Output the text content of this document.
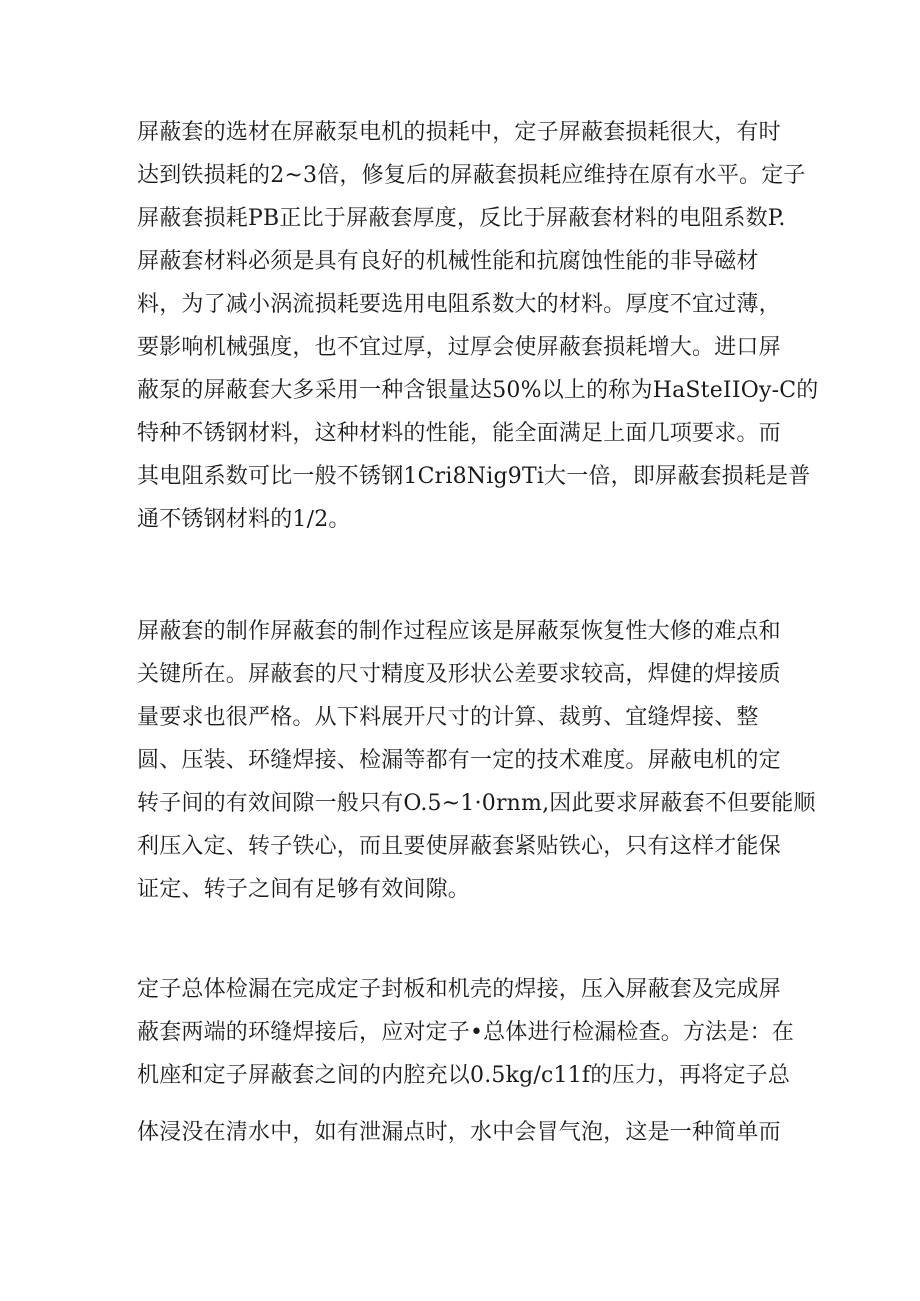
屏蔽套的选材在屏蔽泵电机的损耗中，定子屏蔽套损耗很大，有时
达到铁损耗的2~3倍，修复后的屏蔽套损耗应维持在原有水平。定子
屏蔽套损耗PB正比于屏蔽套厚度，反比于屏蔽套材料的电阻系数P.
屏蔽套材料必须是具有良好的机械性能和抗腐蚀性能的非导磁材
料，为了减小涡流损耗要选用电阻系数大的材料。厚度不宜过薄，
要影响机械强度，也不宜过厚，过厚会使屏蔽套损耗增大。进口屏
蔽泵的屏蔽套大多采用一种含银量达50%以上的称为HaSteIIOy-C的
特种不锈钢材料，这种材料的性能，能全面满足上面几项要求。而
其电阻系数可比一般不锈钢1Cri8Nig9Ti大一倍，即屏蔽套损耗是普
通不锈钢材料的1∕2。
屏蔽套的制作屏蔽套的制作过程应该是屏蔽泵恢复性大修的难点和
关键所在。屏蔽套的尺寸精度及形状公差要求较高，焊健的焊接质
量要求也很严格。从下料展开尺寸的计算、裁剪、宜缝焊接、整
圆、压装、环缝焊接、检漏等都有一定的技术难度。屏蔽电机的定
转子间的有效间隙一般只有O.5~1·0rnm,因此要求屏蔽套不但要能顺
利压入定、转子铁心，而且要使屏蔽套紧贴铁心，只有这样才能保
证定、转子之间有足够有效间隙。
定子总体检漏在完成定子封板和机壳的焊接，压入屏蔽套及完成屏
蔽套两端的环缝焊接后，应对定子•总体进行检漏检查。方法是：在
机座和定子屏蔽套之间的内腔充以0.5kg/c11f的压力，再将定子总
体浸没在清水中，如有泄漏点时，水中会冒气泡，这是一种简单而
